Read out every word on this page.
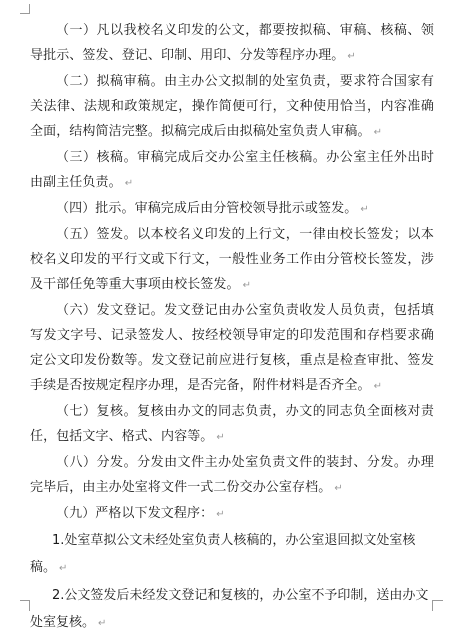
（一）凡以我校名义印发的公文，都要按拟稿、审稿、核稿、领导批示、签发、登记、印制、用印、分发等程序办理。 ↵

（二）拟稿审稿。由主办公文拟制的处室负责，要求符合国家有关法律、法规和政策规定，操作简便可行，文种使用恰当，内容准确全面，结构简洁完整。拟稿完成后由拟稿处室负责人审稿。 ↵

（三）核稿。审稿完成后交办公室主任核稿。办公室主任外出时由副主任负责。 ↵

（四）批示。审稿完成后由分管校领导批示或签发。 ↵

（五）签发。以本校名义印发的上行文，一律由校长签发；以本校名义印发的平行文或下行文，一般性业务工作由分管校长签发，涉及干部任免等重大事项由校长签发。 ↵

（六）发文登记。发文登记由办公室负责收发人员负责，包括填写发文字号、记录签发人、按经校领导审定的印发范围和存档要求确定公文印发份数等。发文登记前应进行复核，重点是检查审批、签发手续是否按规定程序办理，是否完备，附件材料是否齐全。 ↵

（七）复核。复核由办文的同志负责，办文的同志负全面核对责任，包括文字、格式、内容等。 ↵

（八）分发。分发由文件主办处室负责文件的装封、分发。办理完毕后，由主办处室将文件一式二份交办公室存档。 ↵

（九）严格以下发文程序： ↵

1.处室草拟公文未经处室负责人核稿的，办公室退回拟文处室核稿。 ↵

2.公文签发后未经发文登记和复核的，办公室不予印制，送由办文处室复核。 ↵
